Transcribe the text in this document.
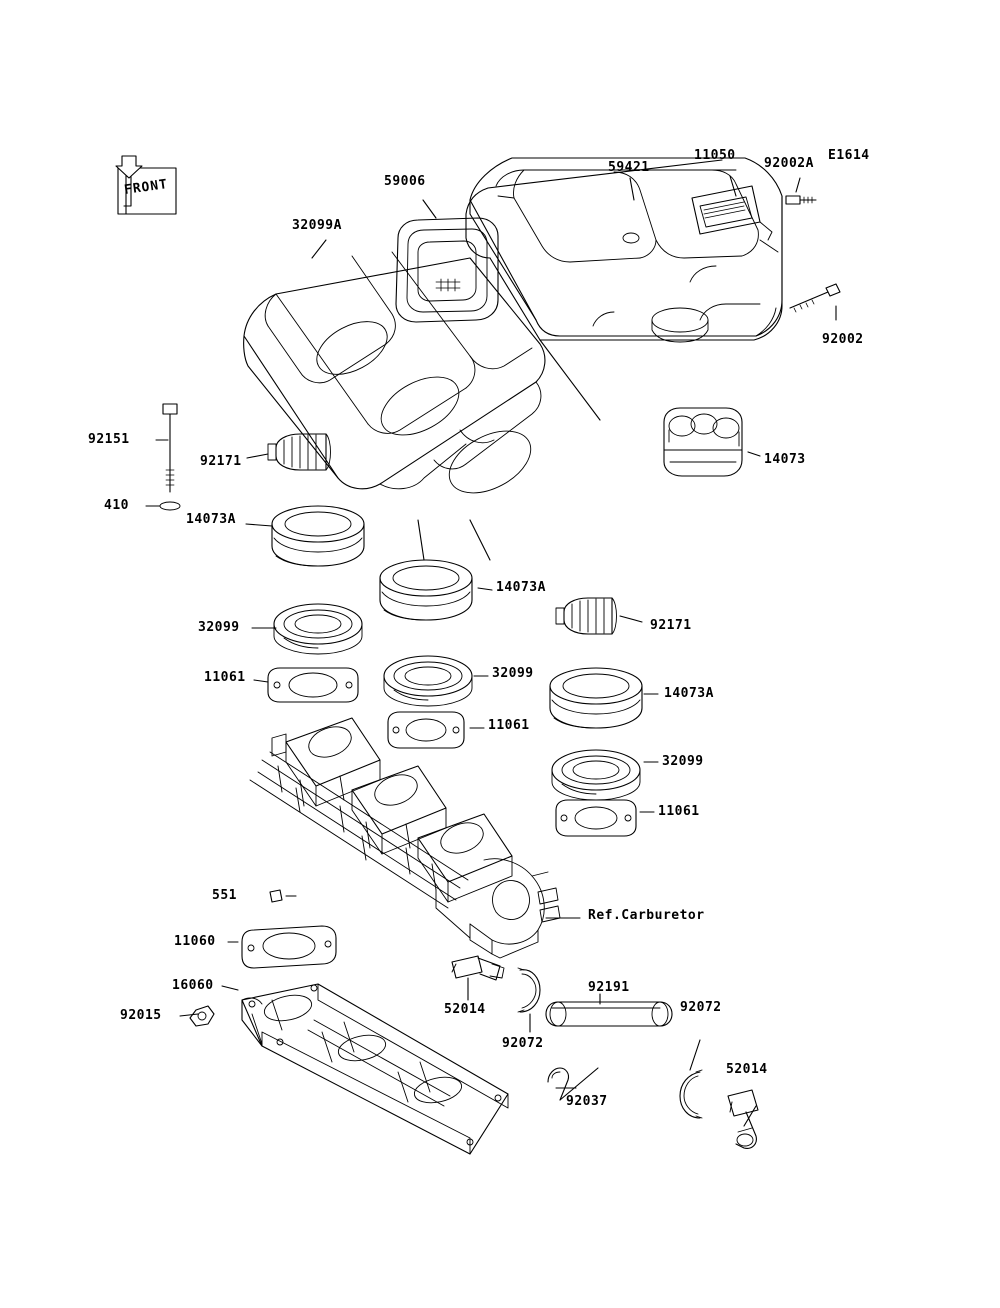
E1614
32099A
59006
59421
11050
92002A
92002
14073
92151
92171
410
14073A
32099
11061
14073A
32099
11061
92171
14073A
32099
11061
551
11060
16060
92015	52014
92072
92191
92072
52014
92037
Ref.Carburetor
FRONT
